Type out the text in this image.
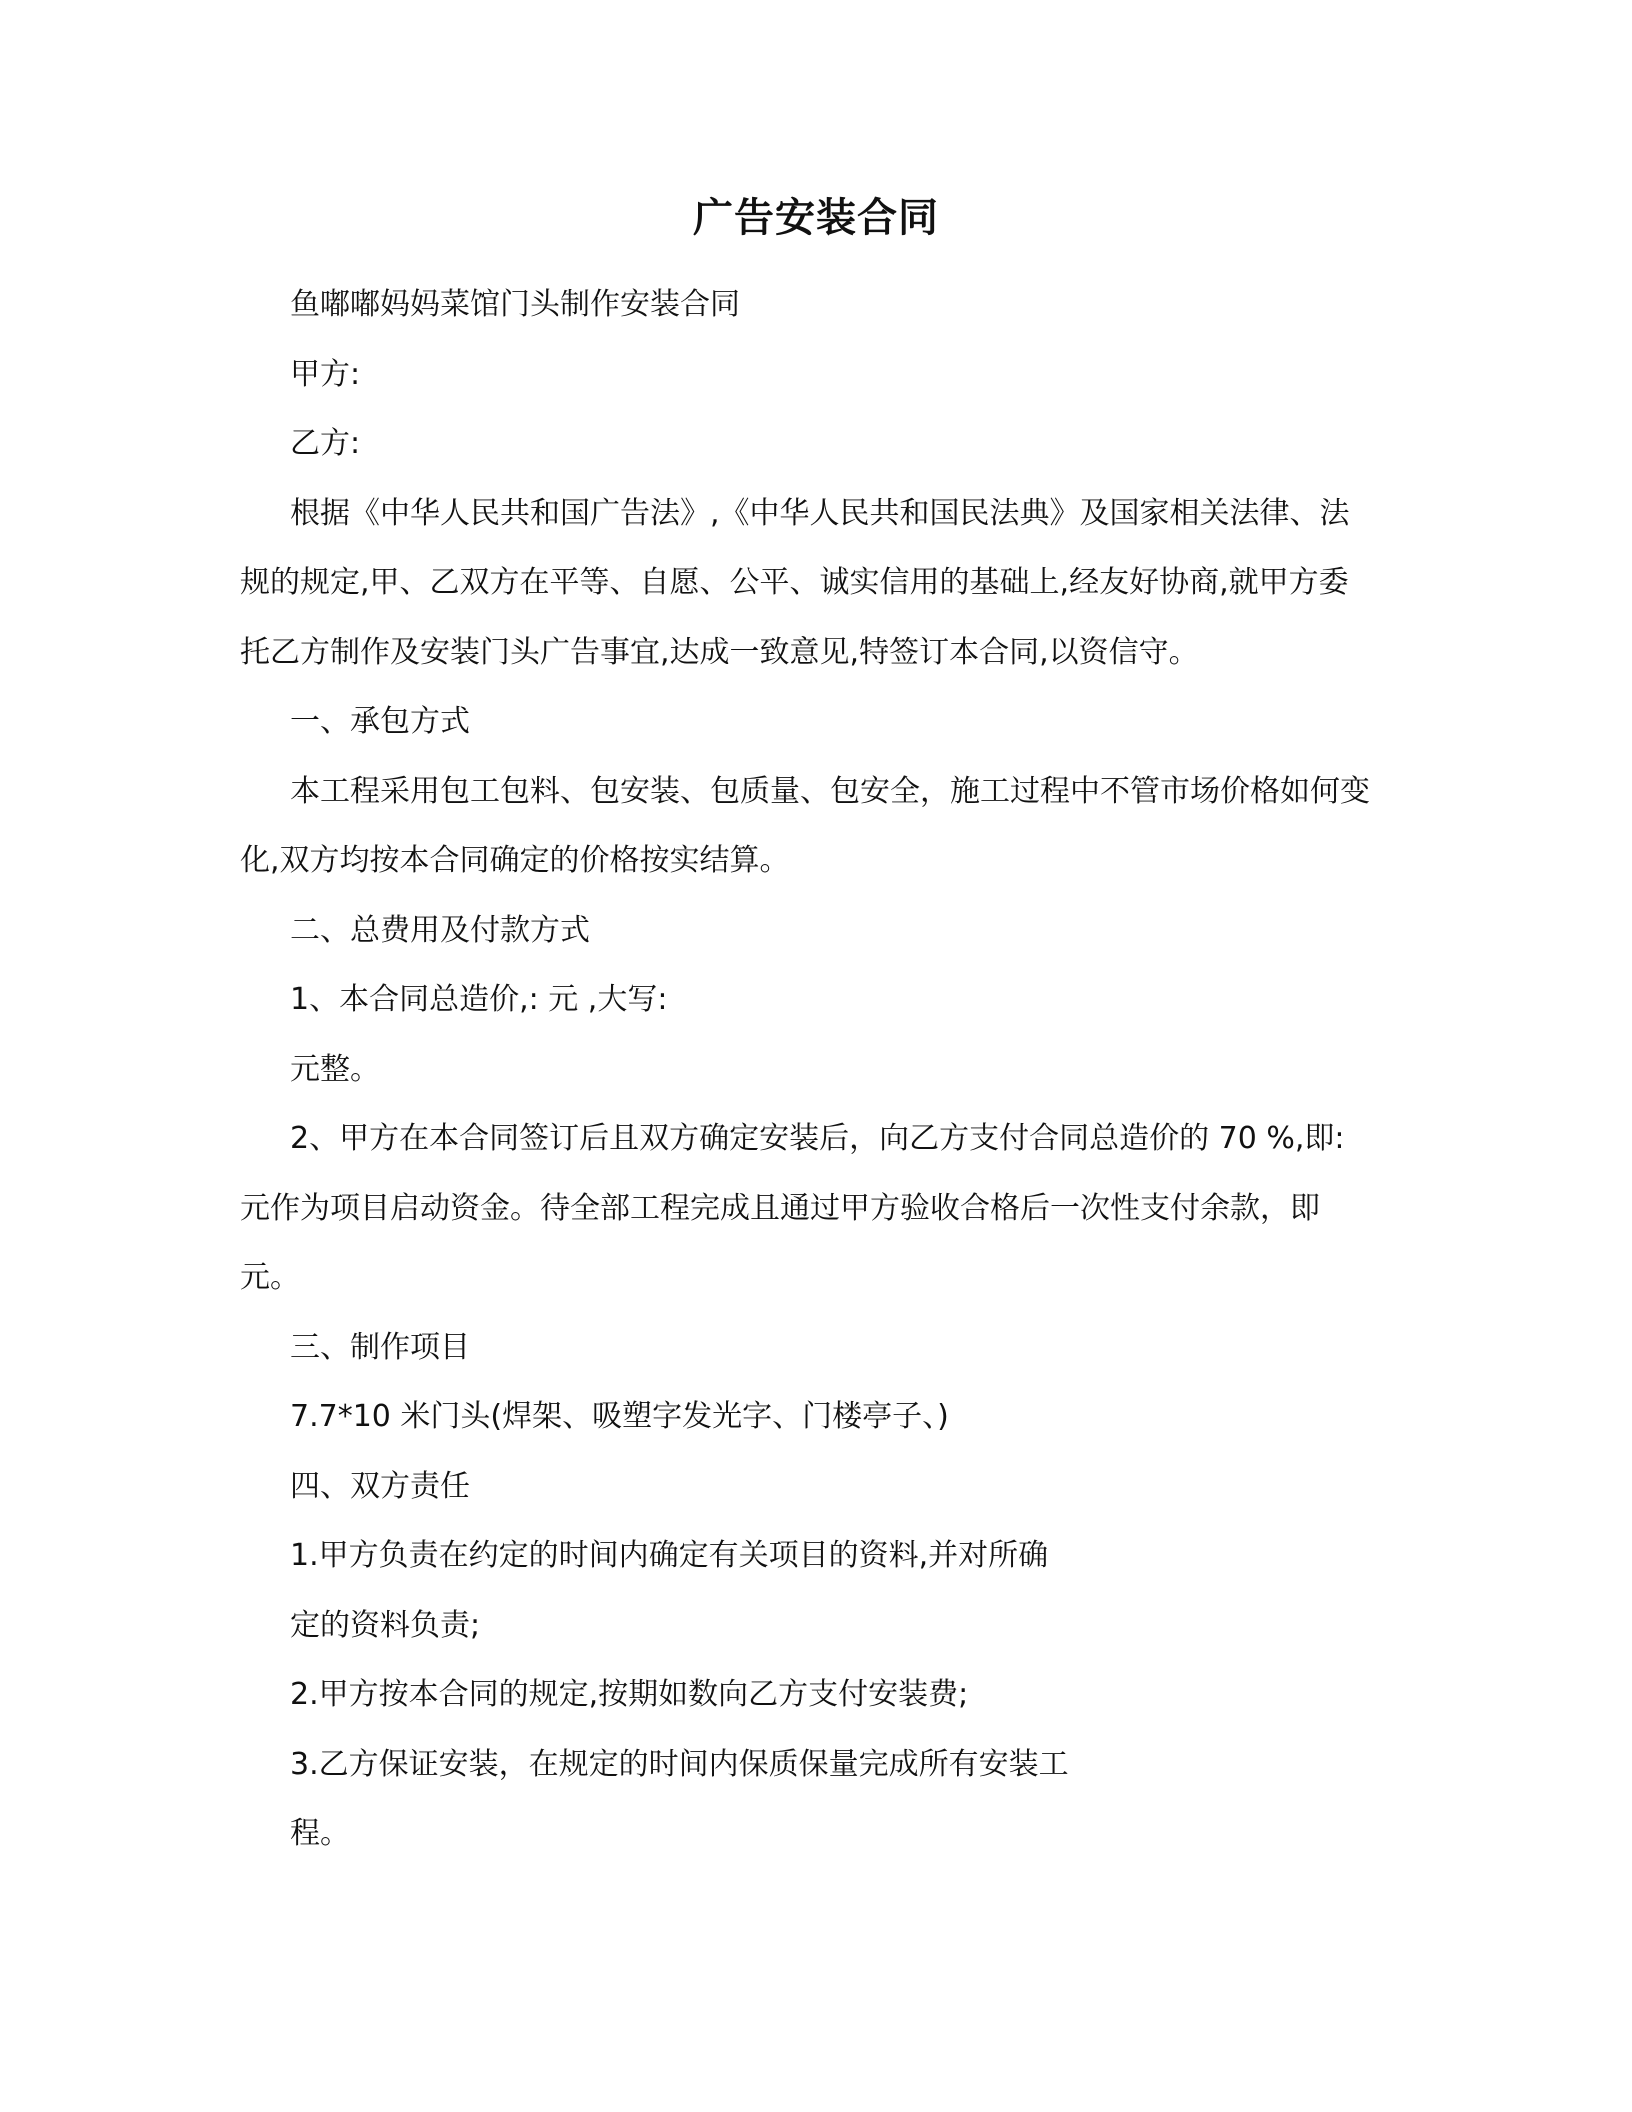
广告安装合同

鱼嘟嘟妈妈菜馆门头制作安装合同

甲方:

乙方:

根据《中华人民共和国广告法》,《中华人民共和国民法典》及国家相关法律、法规的规定,甲、乙双方在平等、自愿、公平、诚实信用的基础上,经友好协商,就甲方委托乙方制作及安装门头广告事宜,达成一致意见,特签订本合同,以资信守。

一、承包方式

本工程采用包工包料、包安装、包质量、包安全，施工过程中不管市场价格如何变化,双方均按本合同确定的价格按实结算。

二、总费用及付款方式

1、本合同总造价,: 元 ,大写:

元整。

2、甲方在本合同签订后且双方确定安装后，向乙方支付合同总造价的 70 %,即: 元作为项目启动资金。待全部工程完成且通过甲方验收合格后一次性支付余款，即 元。

三、制作项目

7.7*10 米门头(焊架、吸塑字发光字、门楼亭子、)

四、双方责任

1.甲方负责在约定的时间内确定有关项目的资料,并对所确

定的资料负责;

2.甲方按本合同的规定,按期如数向乙方支付安装费;

3.乙方保证安装，在规定的时间内保质保量完成所有安装工

程。
